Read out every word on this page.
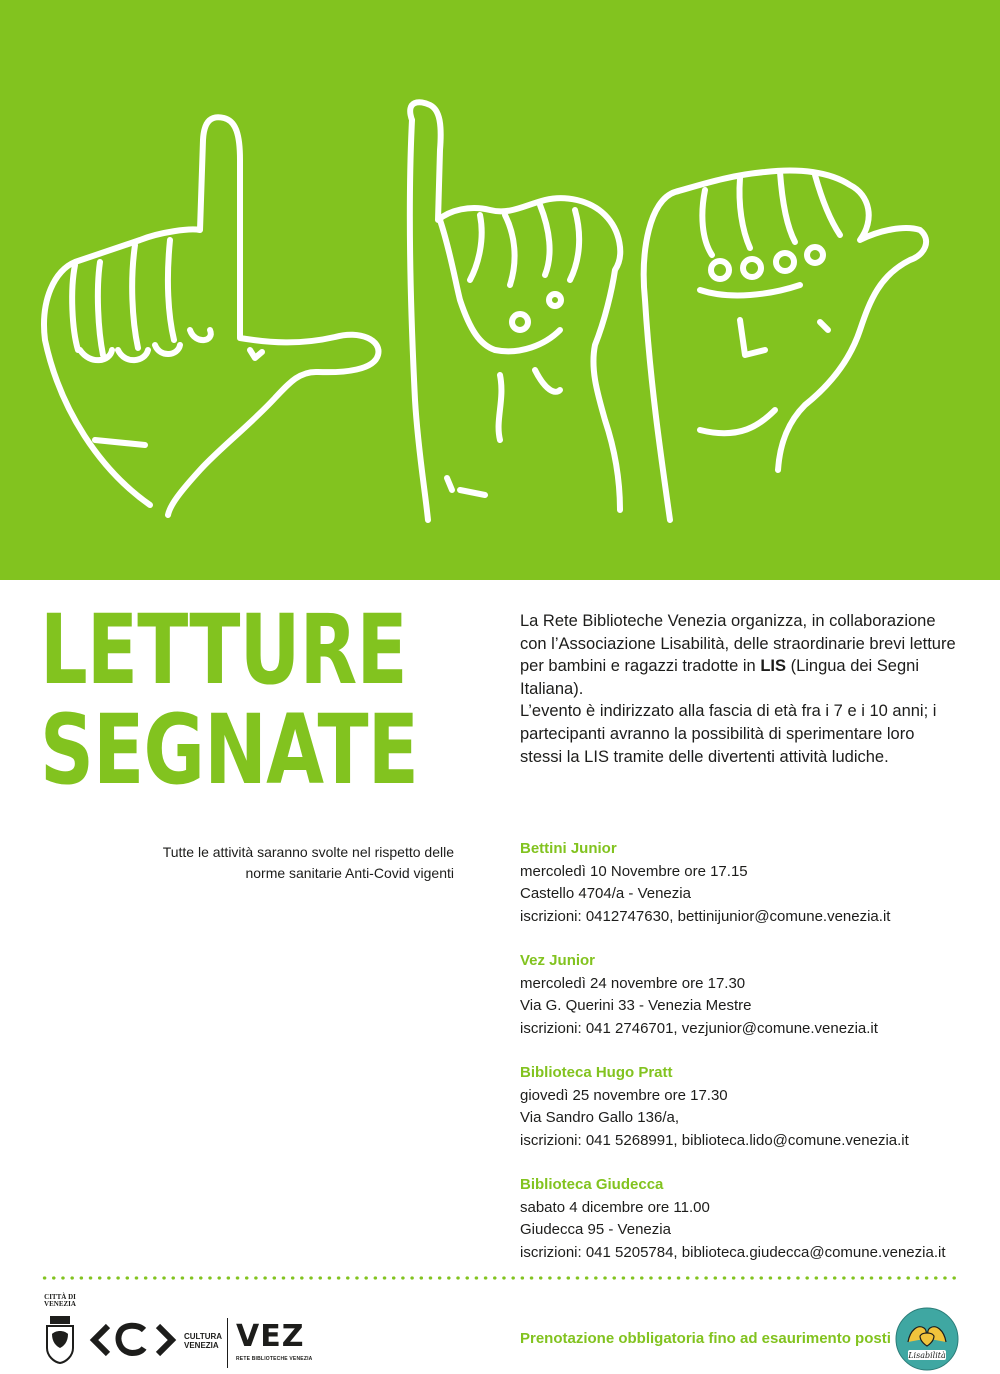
LETTURE
SEGNATE
Tutte le attività saranno svolte nel rispetto delle
norme sanitarie Anti-Covid vigenti
La Rete Biblioteche Venezia organizza, in collaborazione con l’Associazione Lisabilità, delle straordinarie brevi letture per bambini e ragazzi tradotte in LIS (Lingua dei Segni Italiana).
L’evento è indirizzato alla fascia di età fra i 7 e i 10 anni; i partecipanti avranno la possibilità di sperimentare loro stessi la LIS tramite delle divertenti attività ludiche.
Bettini Junior
mercoledì 10 Novembre ore 17.15
Castello 4704/a - Venezia
iscrizioni: 0412747630, bettinijunior@comune.venezia.it
Vez Junior
mercoledì 24 novembre ore 17.30
Via G. Querini 33 - Venezia Mestre
iscrizioni: 041 2746701, vezjunior@comune.venezia.it
Biblioteca Hugo Pratt
giovedì 25 novembre ore 17.30
Via Sandro Gallo 136/a,
iscrizioni: 041 5268991, biblioteca.lido@comune.venezia.it
Biblioteca Giudecca
sabato 4 dicembre ore 11.00
Giudecca 95 - Venezia
iscrizioni: 041 5205784, biblioteca.giudecca@comune.venezia.it
CITTÀ DI
VENEZIA
CULTURA
VENEZIA VEZ
RETE BIBLIOTECHE VENEZIA
Prenotazione obbligatoria fino ad esaurimento posti
Lisabilità
